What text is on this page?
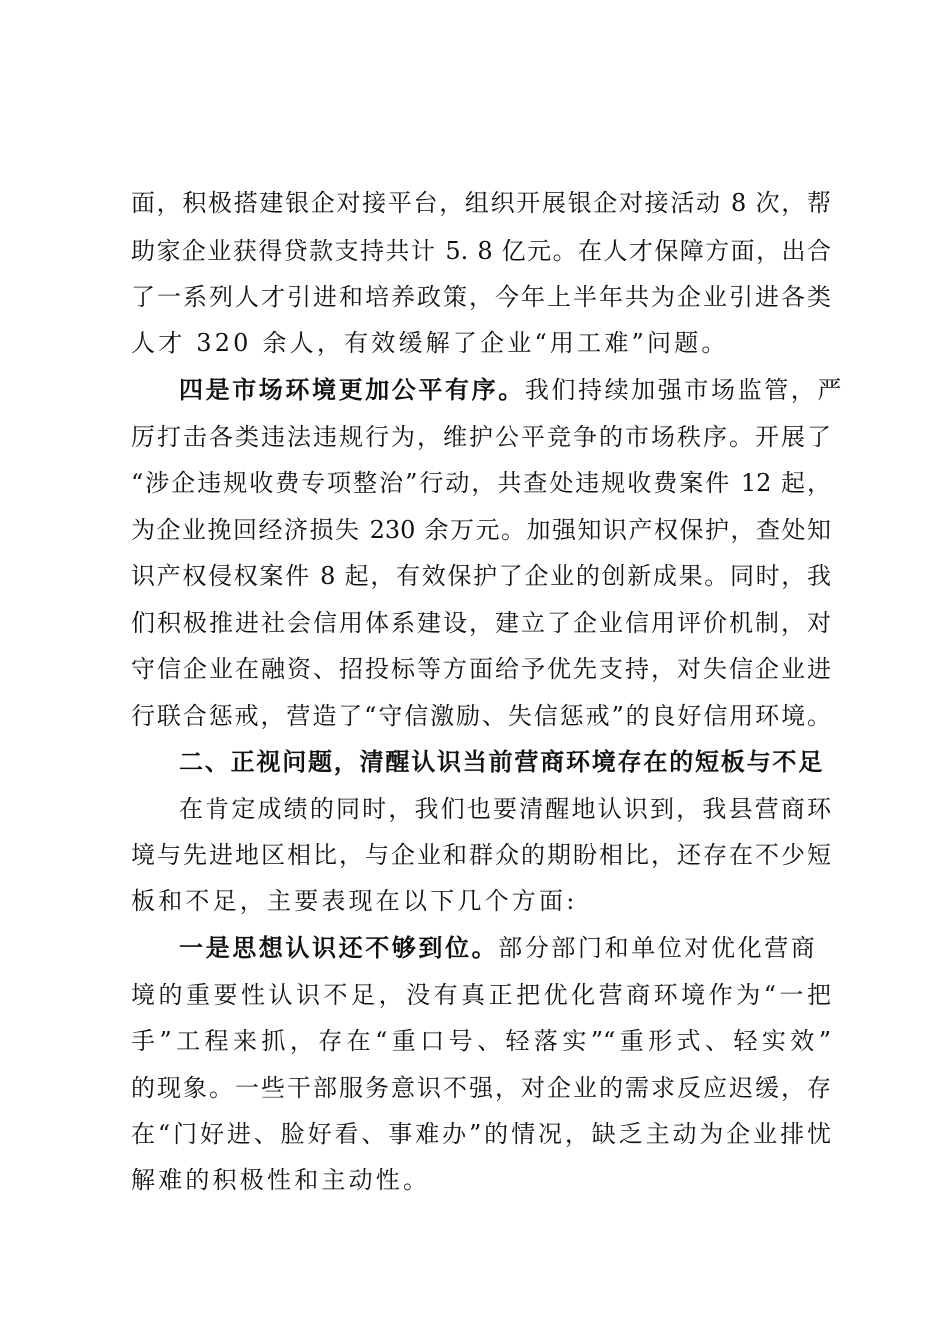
面，积极搭建银企对接平台，组织开展银企对接活动 8 次，帮
助家企业获得贷款支持共计 5. 8 亿元。在人才保障方面，出合
了一系列人才引进和培养政策，今年上半年共为企业引进各类
人才 320 余人，有效缓解了企业“用工难”问题。
四是市场环境更加公平有序。我们持续加强市场监管，严
厉打击各类违法违规行为，维护公平竞争的市场秩序。开展了
“涉企违规收费专项整治”行动，共查处违规收费案件 12 起，
为企业挽回经济损失 230 余万元。加强知识产权保护，查处知
识产权侵权案件 8 起，有效保护了企业的创新成果。同时，我
们积极推进社会信用体系建设，建立了企业信用评价机制，对
守信企业在融资、招投标等方面给予优先支持，对失信企业进
行联合惩戒，营造了“守信激励、失信惩戒”的良好信用环境。
二、正视问题，清醒认识当前营商环境存在的短板与不足
在肯定成绩的同时，我们也要清醒地认识到，我县营商环
境与先进地区相比，与企业和群众的期盼相比，还存在不少短
板和不足，主要表现在以下几个方面:
一是思想认识还不够到位。部分部门和单位对优化营商
境的重要性认识不足，没有真正把优化营商环境作为“一把
手”工程来抓，存在“重口号、轻落实”“重形式、轻实效”
的现象。一些干部服务意识不强，对企业的需求反应迟缓，存
在“门好进、脸好看、事难办”的情况，缺乏主动为企业排忧
解难的积极性和主动性。
